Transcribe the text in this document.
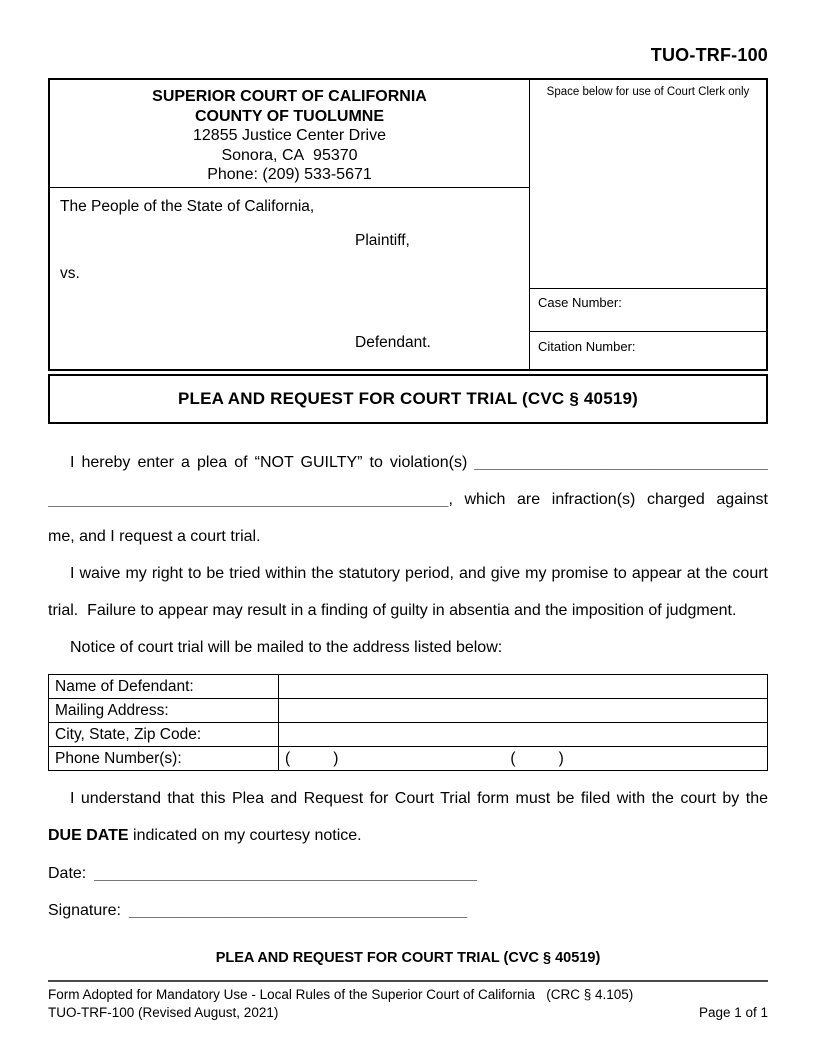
TUO-TRF-100
SUPERIOR COURT OF CALIFORNIA
COUNTY OF TUOLUMNE
12855 Justice Center Drive
Sonora, CA  95370
Phone: (209) 533-5671
The People of the State of California,
Plaintiff,
vs.
Defendant.
Space below for use of Court Clerk only
Case Number:
Citation Number:
PLEA AND REQUEST FOR COURT TRIAL (CVC § 40519)
I hereby enter a plea of “NOT GUILTY” to violation(s) _________________________________
_____________________________________________, which are infraction(s) charged against
me, and I request a court trial.
I waive my right to be tried within the statutory period, and give my promise to appear at the court
trial.  Failure to appear may result in a finding of guilty in absentia and the imposition of judgment.
Notice of court trial will be mailed to the address listed below:
Name of Defendant:	
Mailing Address:	
City, State, Zip Code:	
Phone Number(s):	(          ) (          )
I understand that this Plea and Request for Court Trial form must be filed with the court by the
DUE DATE indicated on my courtesy notice.
Date: ___________________________________________
Signature: ______________________________________
PLEA AND REQUEST FOR COURT TRIAL (CVC § 40519)
Form Adopted for Mandatory Use - Local Rules of the Superior Court of California   (CRC § 4.105)
TUO-TRF-100 (Revised August, 2021)	Page 1 of 1
